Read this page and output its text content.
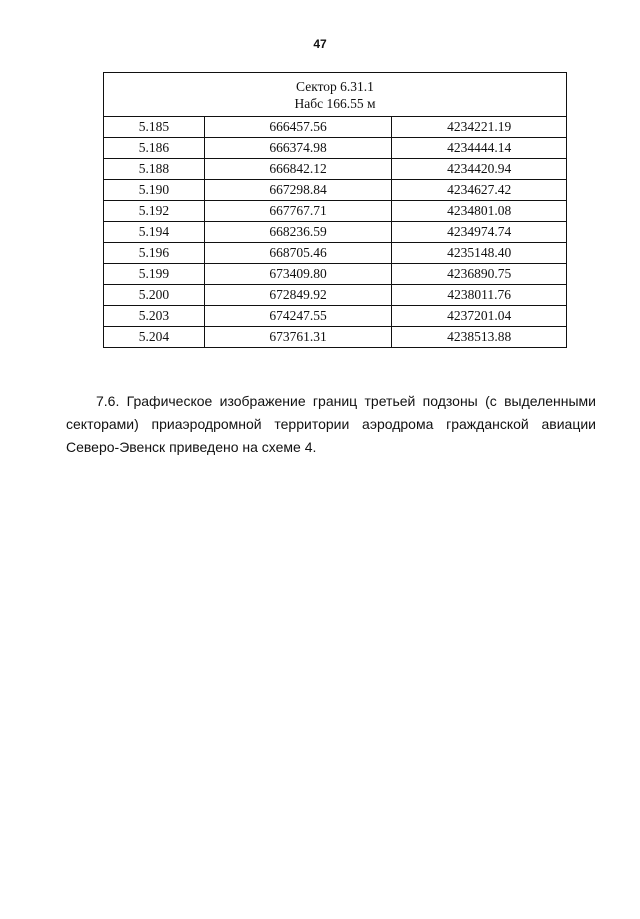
47
Сектор 6.31.1
Набс 166.55 м		

5.185	666457.56	4234221.19
5.186	666374.98	4234444.14
5.188	666842.12	4234420.94
5.190	667298.84	4234627.42
5.192	667767.71	4234801.08
5.194	668236.59	4234974.74
5.196	668705.46	4235148.40
5.199	673409.80	4236890.75
5.200	672849.92	4238011.76
5.203	674247.55	4237201.04
5.204	673761.31	4238513.88
7.6. Графическое изображение границ третьей подзоны (с выделенными секторами) приаэродромной территории аэродрома гражданской авиации Северо-Эвенск приведено на схеме 4.
